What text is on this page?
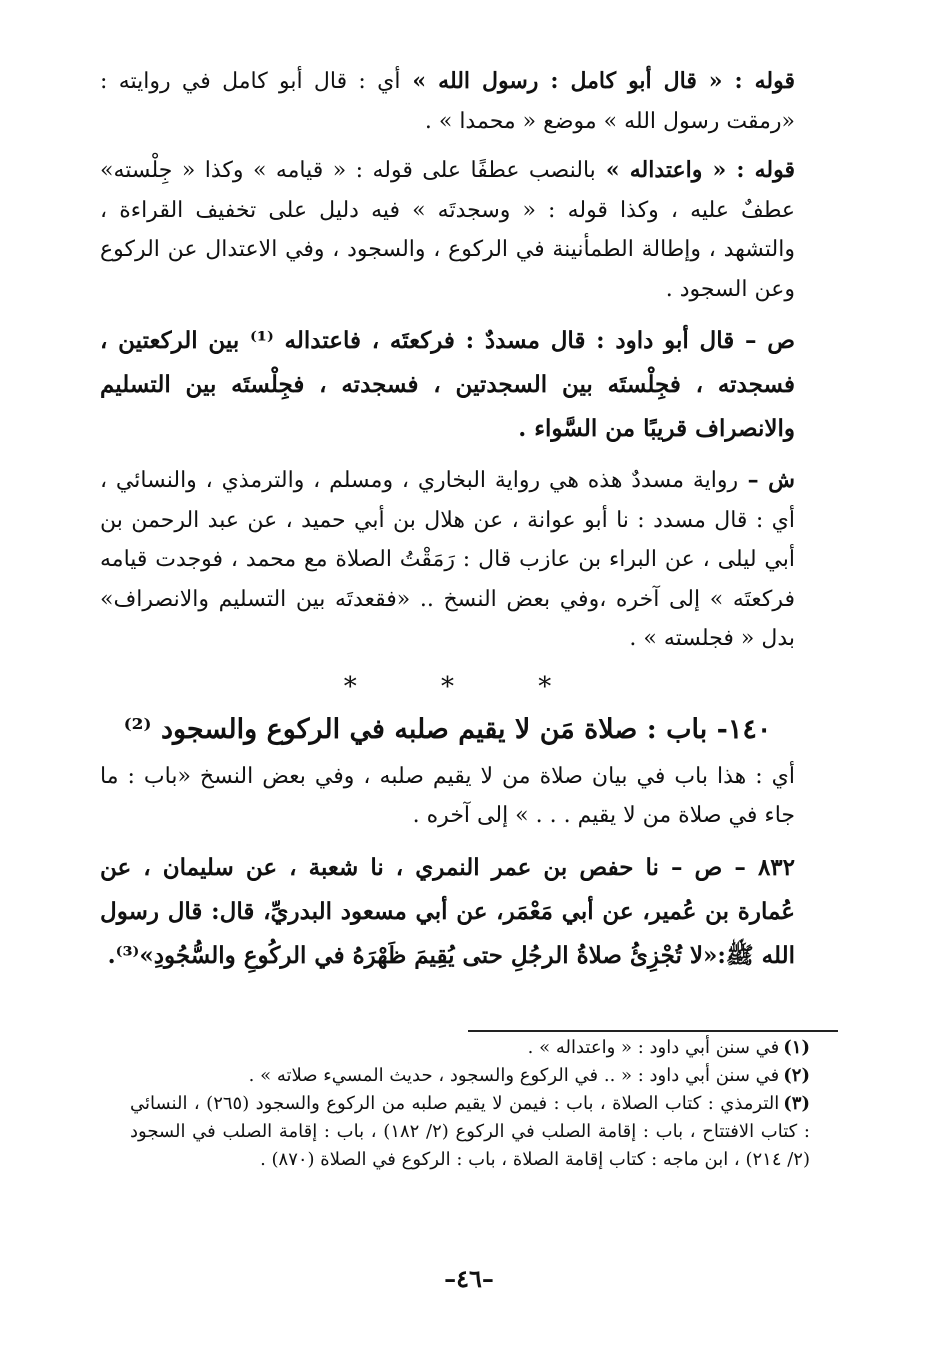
قوله : « قال أبو كامل : رسول الله » أي : قال أبو كامل في روايته : «رمقت رسول الله » موضع « محمدا » .

قوله : « واعتداله » بالنصب عطفًا على قوله : « قيامه » وكذا « جِلْسته» عطفٌ عليه ، وكذا قوله : « وسجدتَه » فيه دليل على تخفيف القراءة ، والتشهد ، وإطالة الطمأنينة في الركوع ، والسجود ، وفي الاعتدال عن الركوع وعن السجود .

ص – قال أبو داود : قال مسددٌ : فركعتَه ، فاعتداله ⁽¹⁾ بين الركعتين ، فسجدته ، فجِلْستَه بين السجدتين ، فسجدته ، فجِلْستَه بين التسليم والانصراف قريبًا من السَّواء .

ش – رواية مسددٌ هذه هي رواية البخاري ، ومسلم ، والترمذي ، والنسائي ، أي : قال مسدد : نا أبو عوانة ، عن هلال بن أبي حميد ، عن عبد الرحمن بن أبي ليلى ، عن البراء بن عازب قال : رَمَقْتُ الصلاة مع محمد ، فوجدت قيامه فركعتَه » إلى آخره ،وفي بعض النسخ .. «فقعدتَه بين التسليم والانصراف» بدل « فجلسته » .

* * *
١٤٠- باب : صلاة مَن لا يقيم صلبه في الركوع والسجود ⁽²⁾

أي : هذا باب في بيان صلاة من لا يقيم صلبه ، وفي بعض النسخ «باب : ما جاء في صلاة من لا يقيم . . . » إلى آخره .

٨٣٢ – ص – نا حفص بن عمر النمري ، نا شعبة ، عن سليمان ، عن عُمارة بن عُمير، عن أبي مَعْمَر، عن أبي مسعود البدريِّ، قال: قال رسول الله ﷺ:«لا تُجْزِئُ صلاةُ الرجُلِ حتى يُقِيمَ ظَهْرَهُ في الركُوعِ والسُّجُودِ»⁽³⁾.

(١)في سنن أبي داود : « واعتداله » .

(٢)في سنن أبي داود : « .. في الركوع والسجود ، حديث المسيء صلاته » .

(٣)الترمذي : كتاب الصلاة ، باب : فيمن لا يقيم صلبه من الركوع والسجود (٢٦٥) ، النسائي : كتاب الافتتاح ، باب : إقامة الصلب في الركوع (٢/ ١٨٢) ، باب : إقامة الصلب في السجود (٢/ ٢١٤) ، ابن ماجه : كتاب إقامة الصلاة ، باب : الركوع في الصلاة (٨٧٠) .

–٤٦–
